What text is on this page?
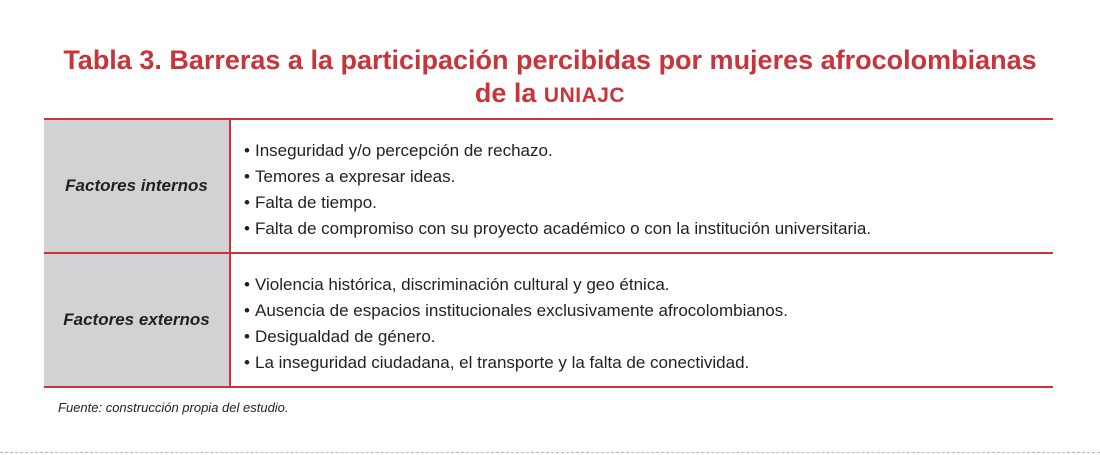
Tabla 3. Barreras a la participación percibidas por mujeres afrocolombianas
de la UNIAJC
Factores internos
• Inseguridad y/o percepción de rechazo.
• Temores a expresar ideas.
• Falta de tiempo.
• Falta de compromiso con su proyecto académico o con la institución universitaria.
Factores externos
• Violencia histórica, discriminación cultural y geo étnica.
• Ausencia de espacios institucionales exclusivamente afrocolombianos.
• Desigualdad de género.
• La inseguridad ciudadana, el transporte y la falta de conectividad.
Fuente: construcción propia del estudio.
